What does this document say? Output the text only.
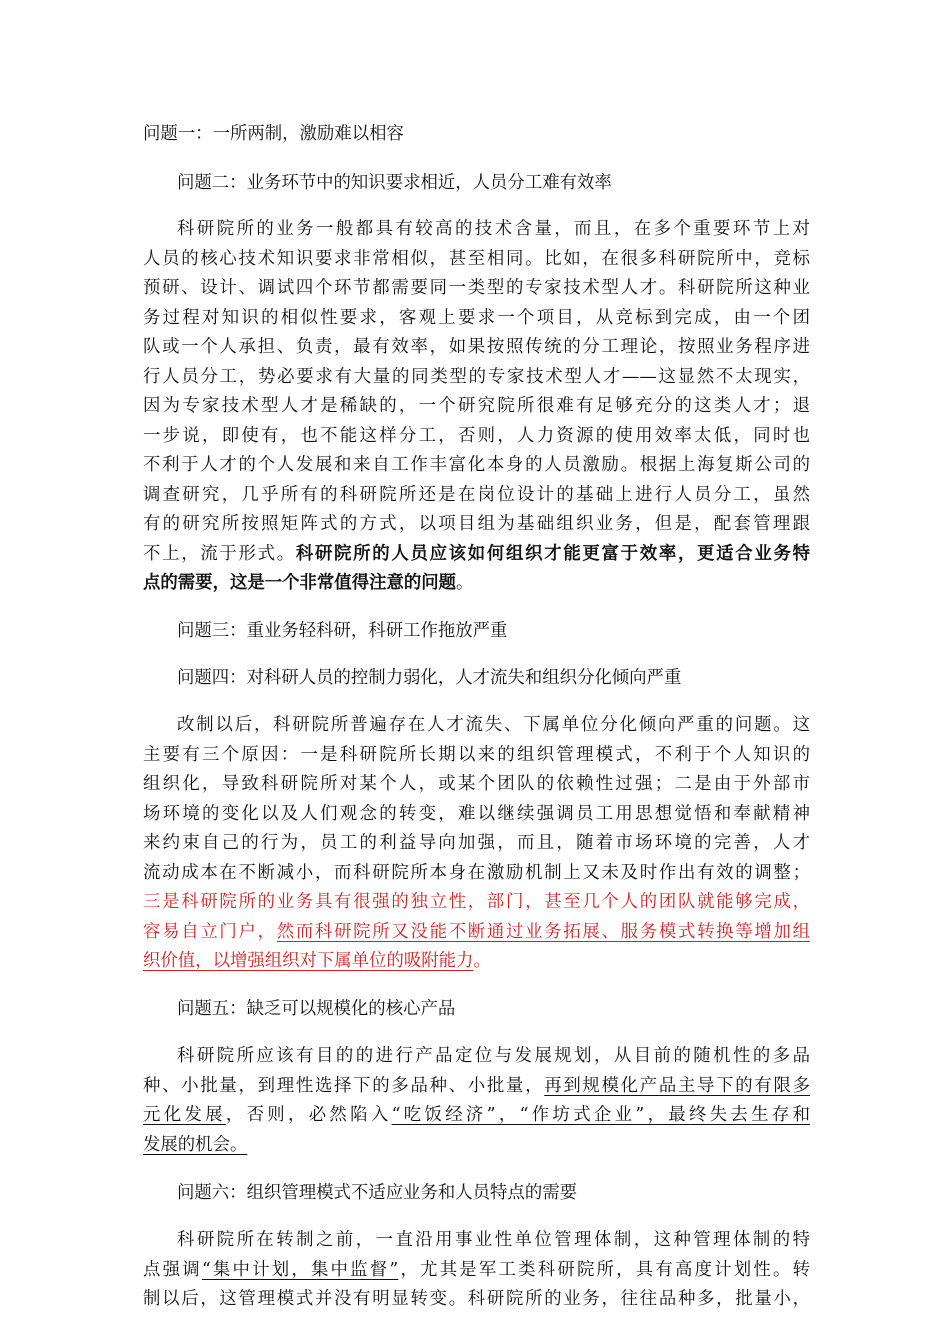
问题一：一所两制，激励难以相容
问题二：业务环节中的知识要求相近，人员分工难有效率
科研院所的业务一般都具有较高的技术含量，而且，在多个重要环节上对
人员的核心技术知识要求非常相似，甚至相同。比如，在很多科研院所中，竞标
预研、设计、调试四个环节都需要同一类型的专家技术型人才。科研院所这种业
务过程对知识的相似性要求，客观上要求一个项目，从竞标到完成，由一个团
队或一个人承担、负责，最有效率，如果按照传统的分工理论，按照业务程序进
行人员分工，势必要求有大量的同类型的专家技术型人才——这显然不太现实，
因为专家技术型人才是稀缺的，一个研究院所很难有足够充分的这类人才；退
一步说，即使有，也不能这样分工，否则，人力资源的使用效率太低，同时也
不利于人才的个人发展和来自工作丰富化本身的人员激励。根据上海复斯公司的
调查研究，几乎所有的科研院所还是在岗位设计的基础上进行人员分工，虽然
有的研究所按照矩阵式的方式，以项目组为基础组织业务，但是，配套管理跟
不上，流于形式。科研院所的人员应该如何组织才能更富于效率，更适合业务特
点的需要，这是一个非常值得注意的问题。
问题三：重业务轻科研，科研工作拖放严重
问题四：对科研人员的控制力弱化，人才流失和组织分化倾向严重
改制以后，科研院所普遍存在人才流失、下属单位分化倾向严重的问题。这
主要有三个原因：一是科研院所长期以来的组织管理模式，不利于个人知识的
组织化，导致科研院所对某个人，或某个团队的依赖性过强；二是由于外部市
场环境的变化以及人们观念的转变，难以继续强调员工用思想觉悟和奉献精神
来约束自己的行为，员工的利益导向加强，而且，随着市场环境的完善，人才
流动成本在不断减小，而科研院所本身在激励机制上又未及时作出有效的调整；
三是科研院所的业务具有很强的独立性，部门，甚至几个人的团队就能够完成，
容易自立门户，然而科研院所又没能不断通过业务拓展、服务模式转换等增加组
织价值，以增强组织对下属单位的吸附能力。
问题五：缺乏可以规模化的核心产品
科研院所应该有目的的进行产品定位与发展规划，从目前的随机性的多品
种、小批量，到理性选择下的多品种、小批量，再到规模化产品主导下的有限多
元化发展，否则，必然陷入“吃饭经济”，“作坊式企业”，最终失去生存和
发展的机会。
问题六：组织管理模式不适应业务和人员特点的需要
科研院所在转制之前，一直沿用事业性单位管理体制，这种管理体制的特
点强调“集中计划，集中监督”，尤其是军工类科研院所，具有高度计划性。转
制以后，这管理模式并没有明显转变。科研院所的业务，往往品种多，批量小，
